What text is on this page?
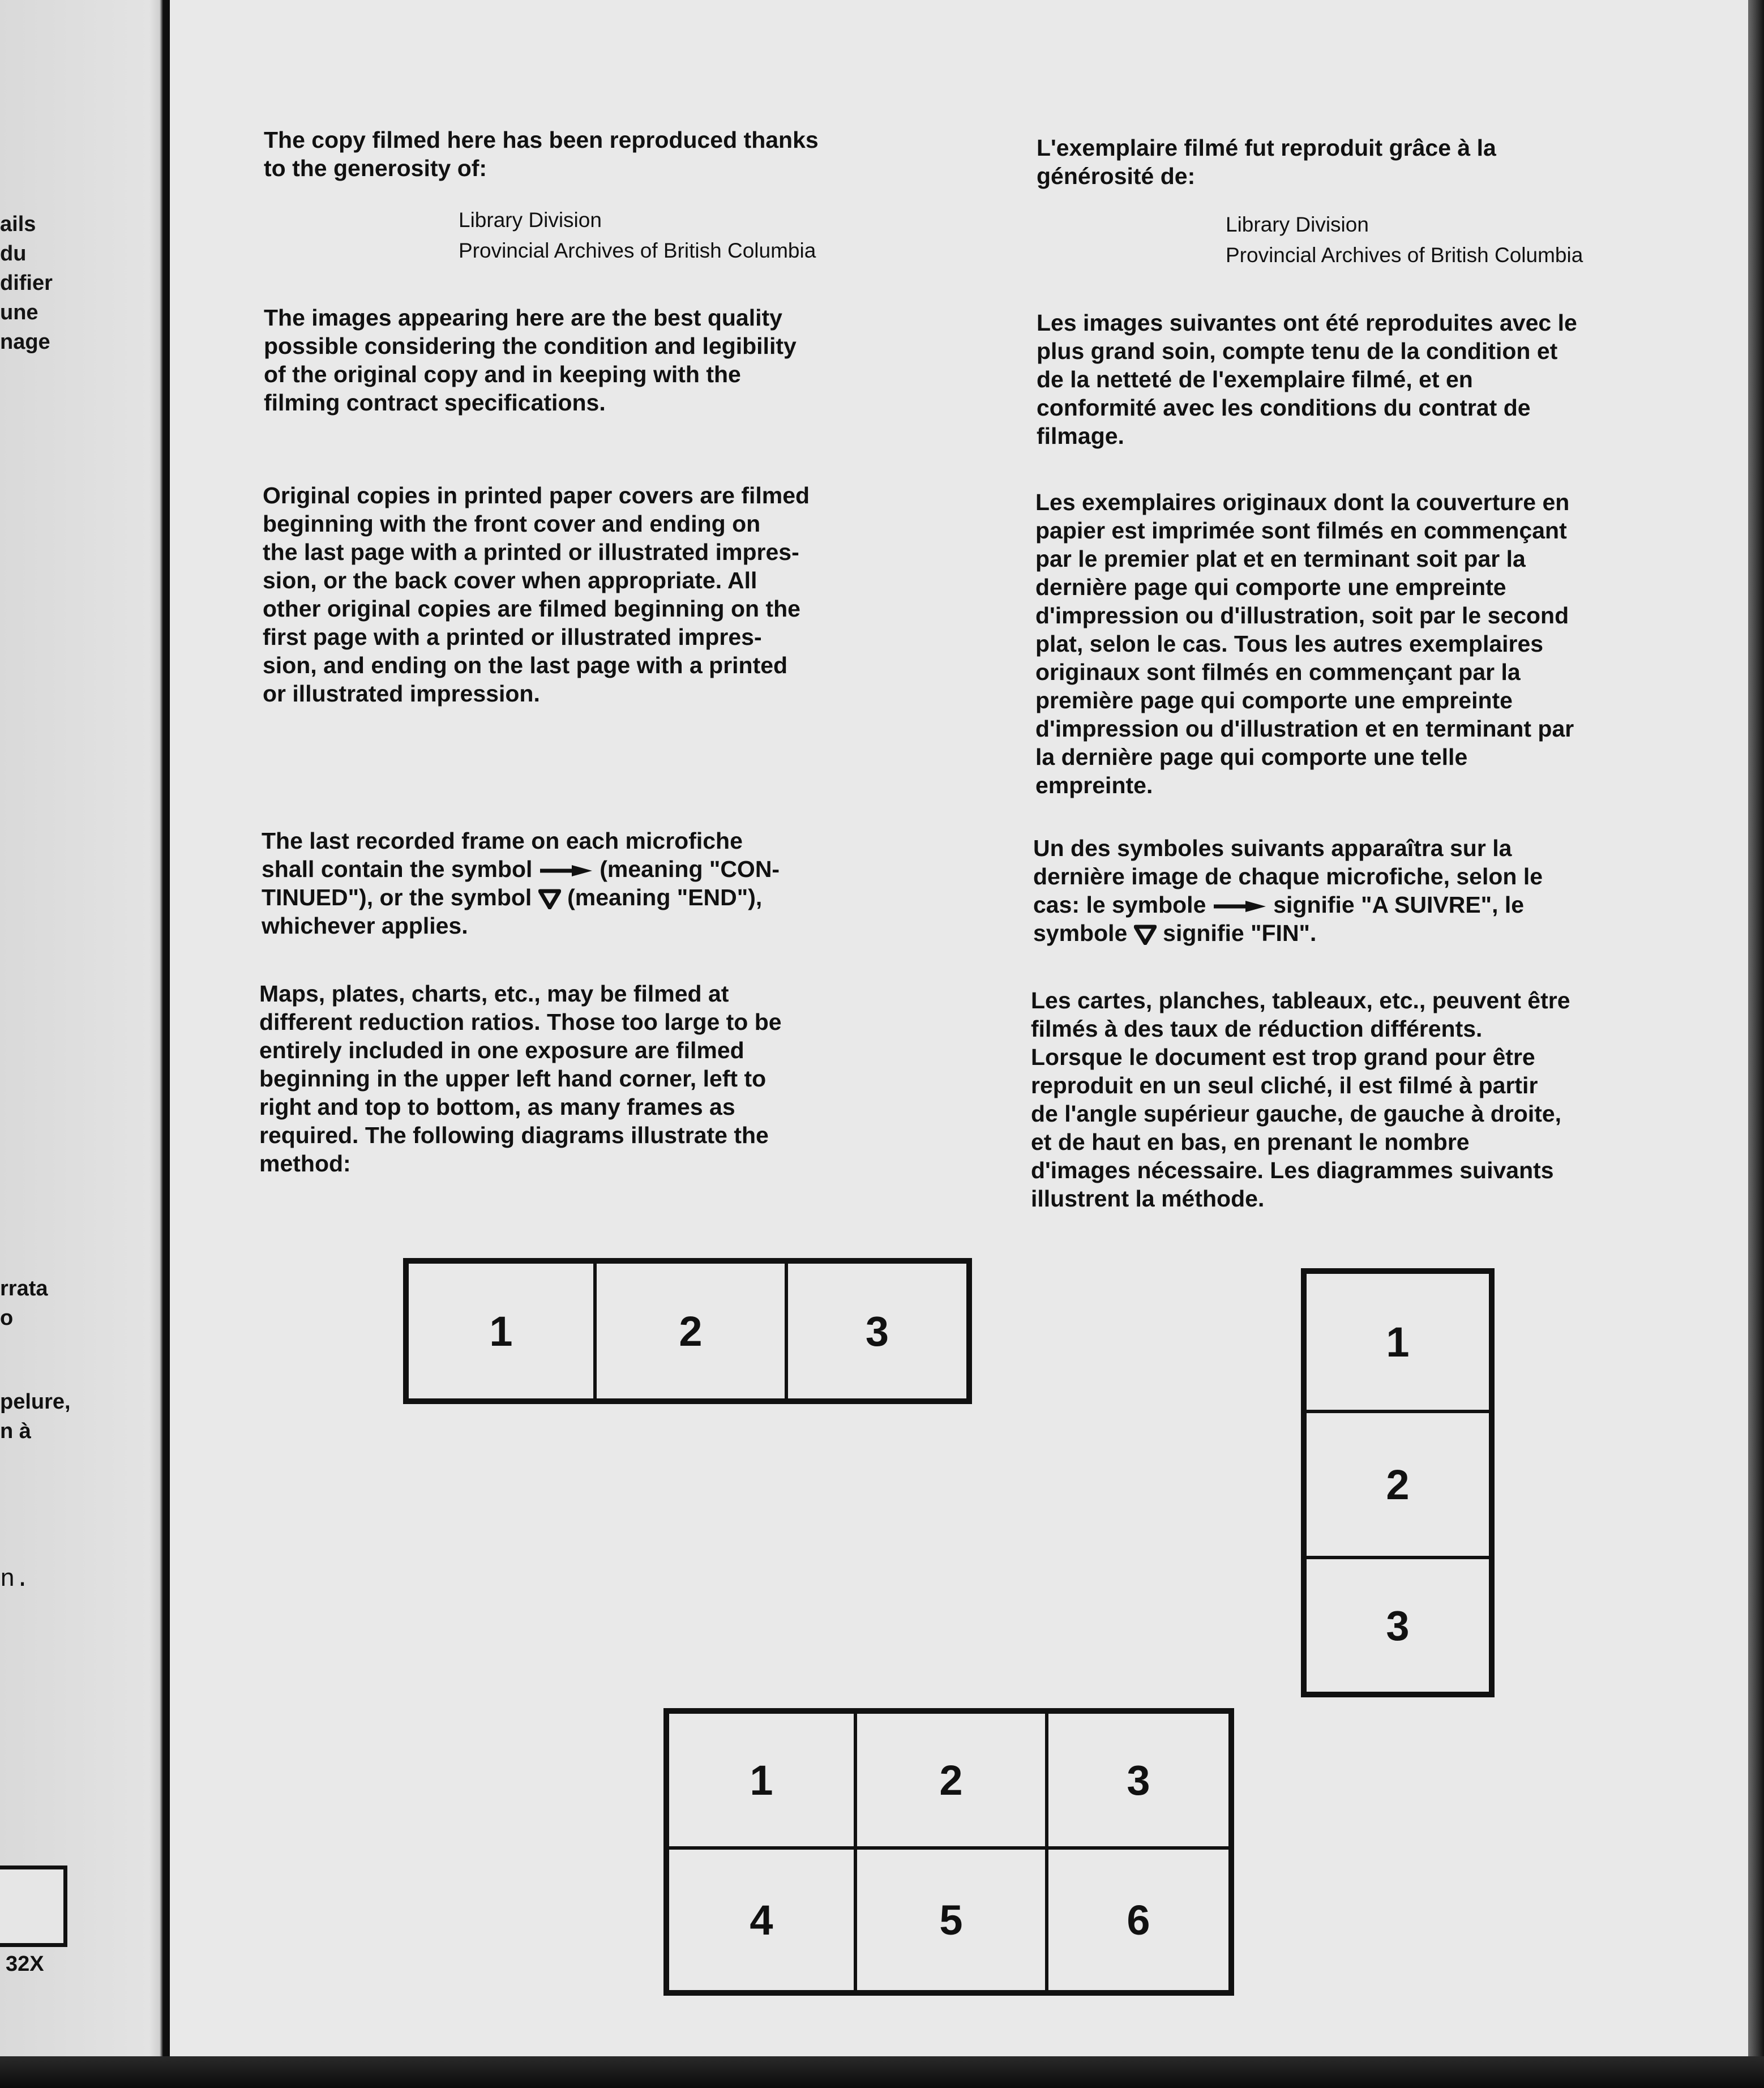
ails
du
difier
une
nage
rrata
o
pelure,
n à
n.
32X

The copy filmed here has been reproduced thanks

to the generosity of:

Library Division
Provincial Archives of British Columbia

The images appearing here are the best quality

possible considering the condition and legibility

of the original copy and in keeping with the

filming contract specifications.

Original copies in printed paper covers are filmed

beginning with the front cover and ending on

the last page with a printed or illustrated impres-

sion, or the back cover when appropriate. All

other original copies are filmed beginning on the

first page with a printed or illustrated impres-

sion, and ending on the last page with a printed

or illustrated impression.

The last recorded frame on each microfiche

shall contain the symbol	(meaning "CON-

TINUED"), or the symbol (meaning "END"),

whichever applies.

Maps, plates, charts, etc., may be filmed at

different reduction ratios. Those too large to be

entirely included in one exposure are filmed

beginning in the upper left hand corner, left to

right and top to bottom, as many frames as

required. The following diagrams illustrate the

method:

L'exemplaire filmé fut reproduit grâce à la

générosité de:

Library Division
Provincial Archives of British Columbia

Les images suivantes ont été reproduites avec le

plus grand soin, compte tenu de la condition et

de la netteté de l'exemplaire filmé, et en

conformité avec les conditions du contrat de

filmage.

Les exemplaires originaux dont la couverture en

papier est imprimée sont filmés en commençant

par le premier plat et en terminant soit par la

dernière page qui comporte une empreinte

d'impression ou d'illustration, soit par le second

plat, selon le cas. Tous les autres exemplaires

originaux sont filmés en commençant par la

première page qui comporte une empreinte

d'impression ou d'illustration et en terminant par

la dernière page qui comporte une telle

empreinte.

Un des symboles suivants apparaîtra sur la

dernière image de chaque microfiche, selon le

cas: le symbole	signifie "A SUIVRE", le

symbole signifie "FIN".

Les cartes, planches, tableaux, etc., peuvent être

filmés à des taux de réduction différents.

Lorsque le document est trop grand pour être

reproduit en un seul cliché, il est filmé à partir

de l'angle supérieur gauche, de gauche à droite,

et de haut en bas, en prenant le nombre

d'images nécessaire. Les diagrammes suivants

illustrent la méthode.

1	2	3	1
2
3
1	2	3
4	5	6
